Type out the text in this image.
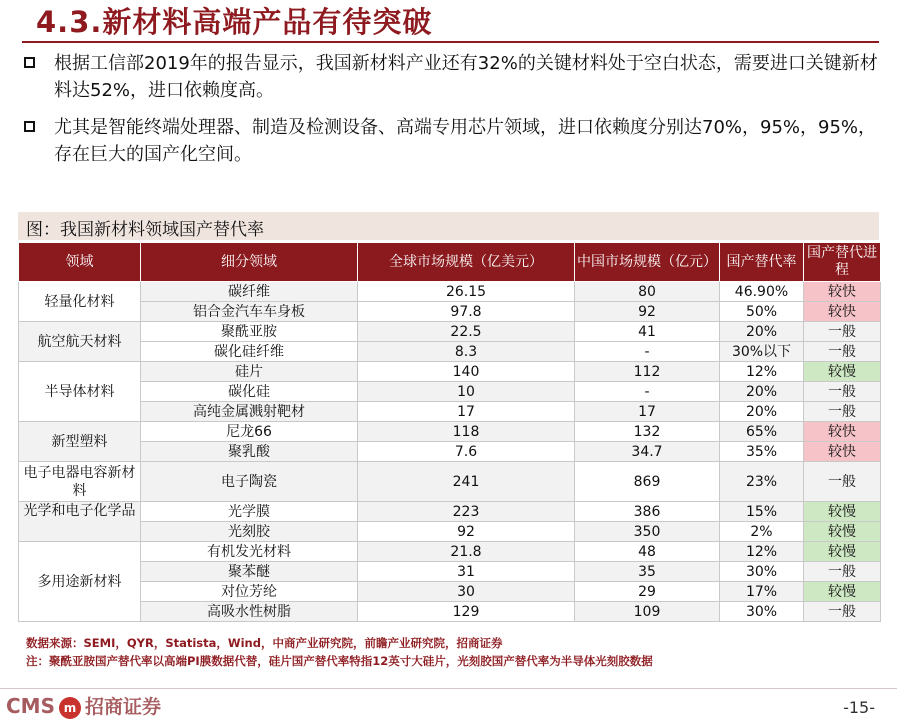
4.3.新材料高端产品有待突破
根据工信部2019年的报告显示，我国新材料产业还有32%的关键材料处于空白状态，需要进口关键新材料达52%，进口依赖度高。
尤其是智能终端处理器、制造及检测设备、高端专用芯片领域，进口依赖度分别达70%，95%，95%，存在巨大的国产化空间。
图：我国新材料领域国产替代率
领域	细分领域	全球市场规模（亿美元）	中国市场规模（亿元）	国产替代率	国产替代进程
轻量化材料	碳纤维	26.15	80	46.90%	较快
	铝合金汽车车身板	97.8	92	50%	较快
航空航天材料	聚酰亚胺	22.5	41	20%	一般
	碳化硅纤维	8.3	-	30%以下	一般
半导体材料	硅片	140	112	12%	较慢
	碳化硅	10	-	20%	一般
	高纯金属溅射靶材	17	17	20%	一般
新型塑料	尼龙66	118	132	65%	较快
	聚乳酸	7.6	34.7	35%	较快
电子电器电容新材料	电子陶瓷	241	869	23%	一般
光学和电子化学品	光学膜	223	386	15%	较慢
	光刻胶	92	350	2%	较慢
多用途新材料	有机发光材料	21.8	48	12%	较慢
	聚苯醚	31	35	30%	一般
	对位芳纶	30	29	17%	较慢
	高吸水性树脂	129	109	30%	一般
数据来源：SEMI，QYR，Statista，Wind，中商产业研究院，前瞻产业研究院，招商证券
注：聚酰亚胺国产替代率以高端PI膜数据代替，硅片国产替代率特指12英寸大硅片，光刻胶国产替代率为半导体光刻胶数据
CMS m 招商证券	-15-
